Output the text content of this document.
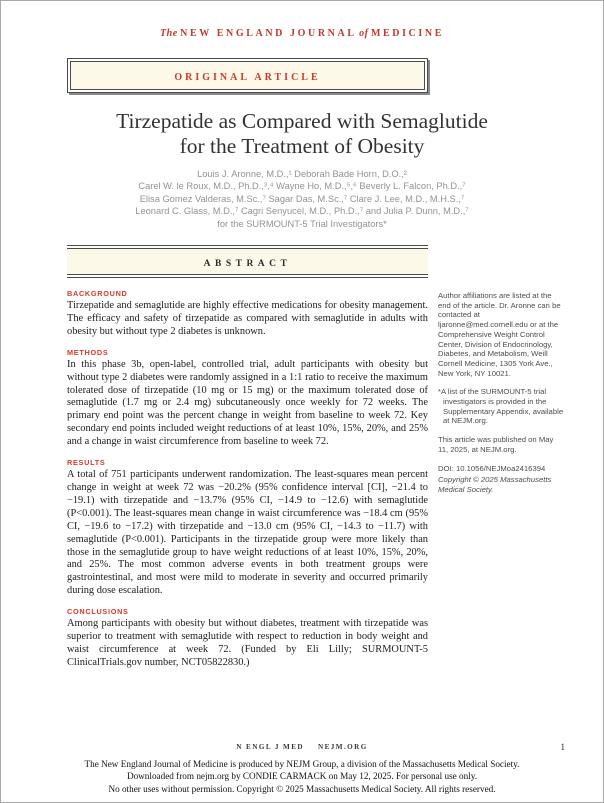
The NEW ENGLAND JOURNAL of MEDICINE
ORIGINAL ARTICLE
Tirzepatide as Compared with Semaglutide
for the Treatment of Obesity
Louis J. Aronne, M.D.,¹ Deborah Bade Horn, D.O.,²
Carel W. le Roux, M.D., Ph.D.,³,⁴ Wayne Ho, M.D.,⁵,⁶ Beverly L. Falcon, Ph.D.,⁷
Elisa Gomez Valderas, M.Sc.,⁷ Sagar Das, M.Sc.,⁷ Clare J. Lee, M.D., M.H.S.,⁷
Leonard C. Glass, M.D.,⁷ Cagri Senyucel, M.D., Ph.D.,⁷ and Julia P. Dunn, M.D.,⁷
for the SURMOUNT-5 Trial Investigators*
ABSTRACT
BACKGROUND

Tirzepatide and semaglutide are highly effective medications for obesity management. The efficacy and safety of tirzepatide as compared with semaglutide in adults with obesity but without type 2 diabetes is unknown.

METHODS

In this phase 3b, open-label, controlled trial, adult participants with obesity but without type 2 diabetes were randomly assigned in a 1:1 ratio to receive the maximum tolerated dose of tirzepatide (10 mg or 15 mg) or the maximum tolerated dose of semaglutide (1.7 mg or 2.4 mg) subcutaneously once weekly for 72 weeks. The primary end point was the percent change in weight from baseline to week 72. Key secondary end points included weight reductions of at least 10%, 15%, 20%, and 25% and a change in waist circumference from baseline to week 72.

RESULTS

A total of 751 participants underwent randomization. The least-squares mean percent change in weight at week 72 was −20.2% (95% confidence interval [CI], −21.4 to −19.1) with tirzepatide and −13.7% (95% CI, −14.9 to −12.6) with semaglutide (P<0.001). The least-squares mean change in waist circumference was −18.4 cm (95% CI, −19.6 to −17.2) with tirzepatide and −13.0 cm (95% CI, −14.3 to −11.7) with semaglutide (P<0.001). Participants in the tirzepatide group were more likely than those in the semaglutide group to have weight reductions of at least 10%, 15%, 20%, and 25%. The most common adverse events in both treatment groups were gastrointestinal, and most were mild to moderate in severity and occurred primarily during dose escalation.

CONCLUSIONS

Among participants with obesity but without diabetes, treatment with tirzepatide was superior to treatment with semaglutide with respect to reduction in body weight and waist circumference at week 72. (Funded by Eli Lilly; SURMOUNT-5 ClinicalTrials.gov number, NCT05822830.)

Author affiliations are listed at the end of the article. Dr. Aronne can be contacted at ljaronne@med.cornell.edu or at the Comprehensive Weight Control Center, Division of Endocrinology, Diabetes, and Metabolism, Weill Cornell Medicine, 1305 York Ave., New York, NY 10021.

*A list of the SURMOUNT-5 trial investigators is provided in the Supplementary Appendix, available at NEJM.org.

This article was published on May 11, 2025, at NEJM.org.

DOI: 10.1056/NEJMoa2416394

Copyright © 2025 Massachusetts Medical Society.

N ENGL J MED NEJM.ORG	1
The New England Journal of Medicine is produced by NEJM Group, a division of the Massachusetts Medical Society.
Downloaded from nejm.org by CONDIE CARMACK on May 12, 2025. For personal use only.
No other uses without permission. Copyright © 2025 Massachusetts Medical Society. All rights reserved.
